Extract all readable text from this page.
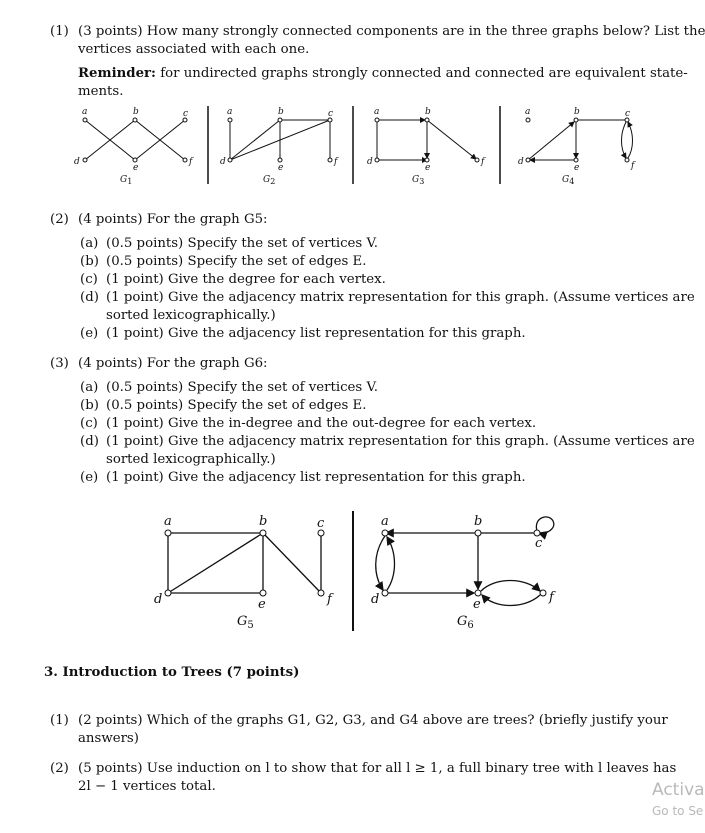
(1) (3 points) How many strongly connected components are in the three graphs below? List the
vertices associated with each one.
Reminder: for undirected graphs strongly connected and connected are equivalent state-
ments.
a	b	c
d
e
f
G1
a	b	c
d
e
f
G2
a	b
d
e
f
G3
a	b	c
d
e	f
G4
(2) (4 points) For the graph G5:
(a) (0.5 points) Specify the set of vertices V.
(b) (0.5 points) Specify the set of edges E.
(c) (1 point) Give the degree for each vertex.
(d) (1 point) Give the adjacency matrix representation for this graph. (Assume vertices are
sorted lexicographically.)
(e) (1 point) Give the adjacency list representation for this graph.
(3) (4 points) For the graph G6:
(a) (0.5 points) Specify the set of vertices V.
(b) (0.5 points) Specify the set of edges E.
(c) (1 point) Give the in-degree and the out-degree for each vertex.
(d) (1 point) Give the adjacency matrix representation for this graph. (Assume vertices are
sorted lexicographically.)
(e) (1 point) Give the adjacency list representation for this graph.
a	b	c
d	e	f
$G_5$
a	b
c
d	e	f
$G_6$
3. Introduction to Trees (7 points)
(1) (2 points) Which of the graphs G1, G2, G3, and G4 above are trees? (briefly justify your
answers)
(2) (5 points) Use induction on l to show that for all l ≥ 1, a full binary tree with l leaves has
2l − 1 vertices total.	Activa
Go to Se
